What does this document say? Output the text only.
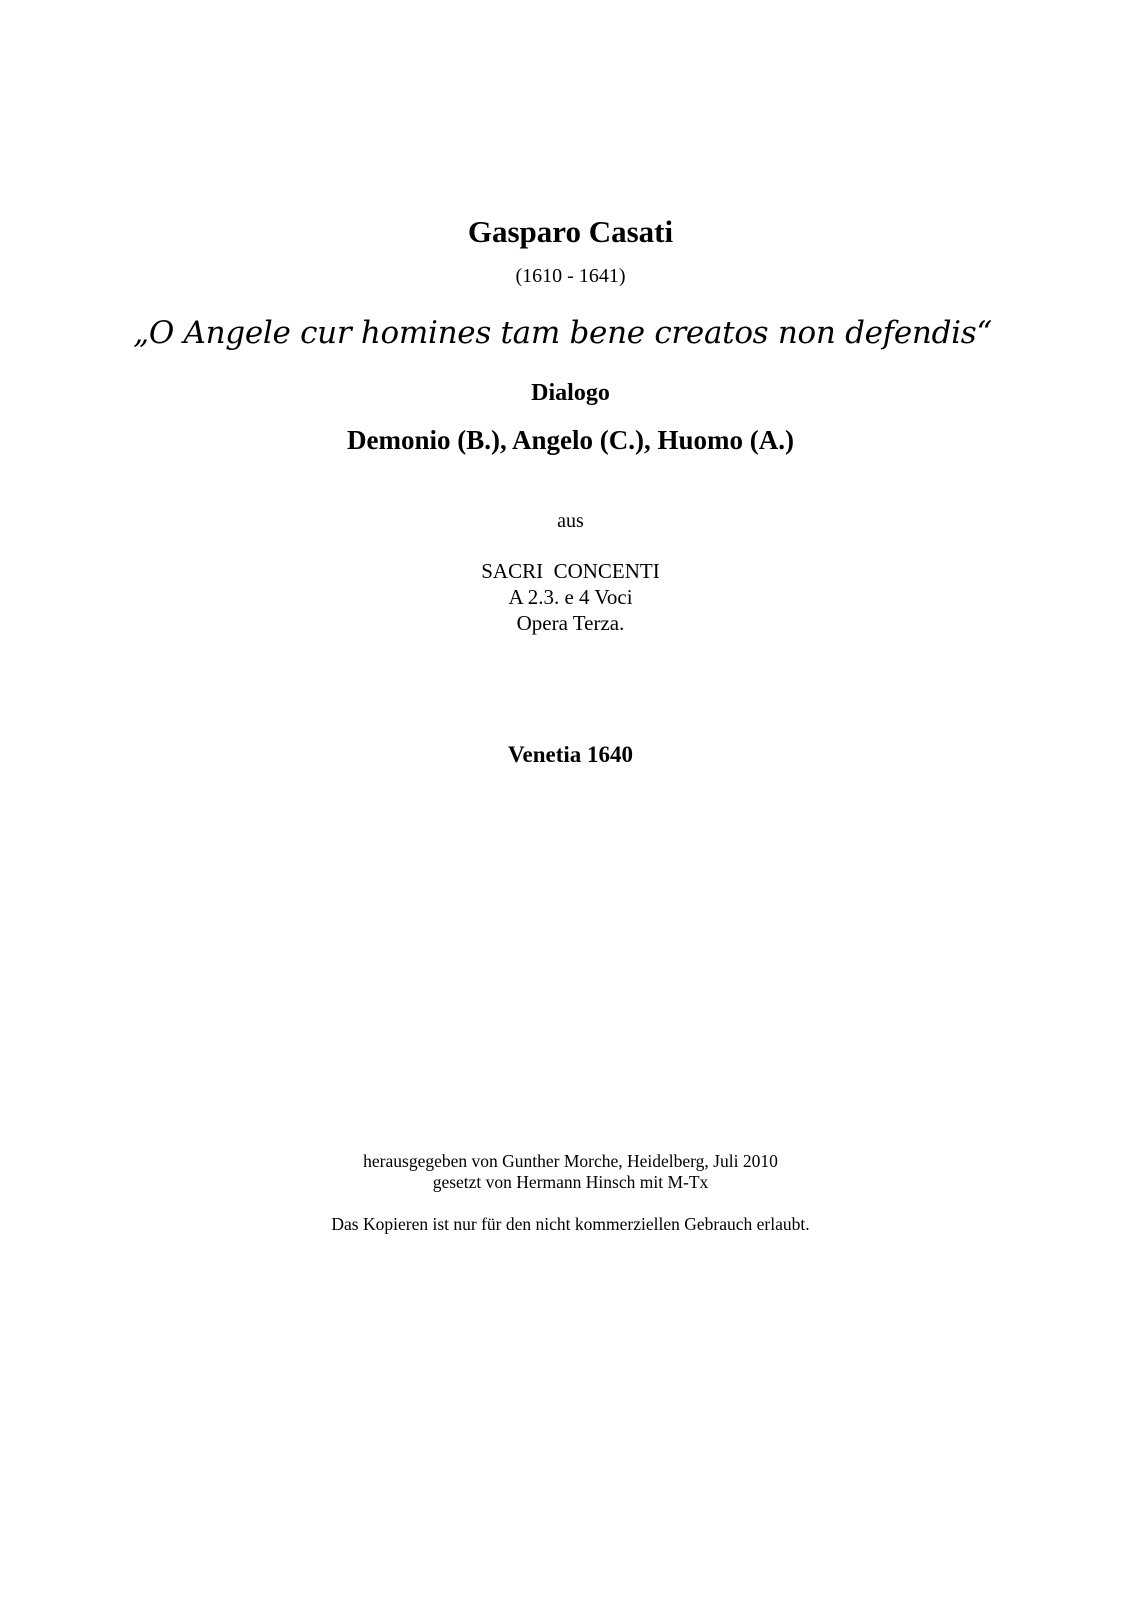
Gasparo Casati
(1610 - 1641)
„O Angele cur homines tam bene creatos non defendis“
Dialogo
Demonio (B.), Angelo (C.), Huomo (A.)
aus
SACRI  CONCENTI
A 2.3. e 4 Voci
Opera Terza.
Venetia 1640
herausgegeben von Gunther Morche, Heidelberg, Juli 2010
gesetzt von Hermann Hinsch mit M-Tx
Das Kopieren ist nur für den nicht kommerziellen Gebrauch erlaubt.
